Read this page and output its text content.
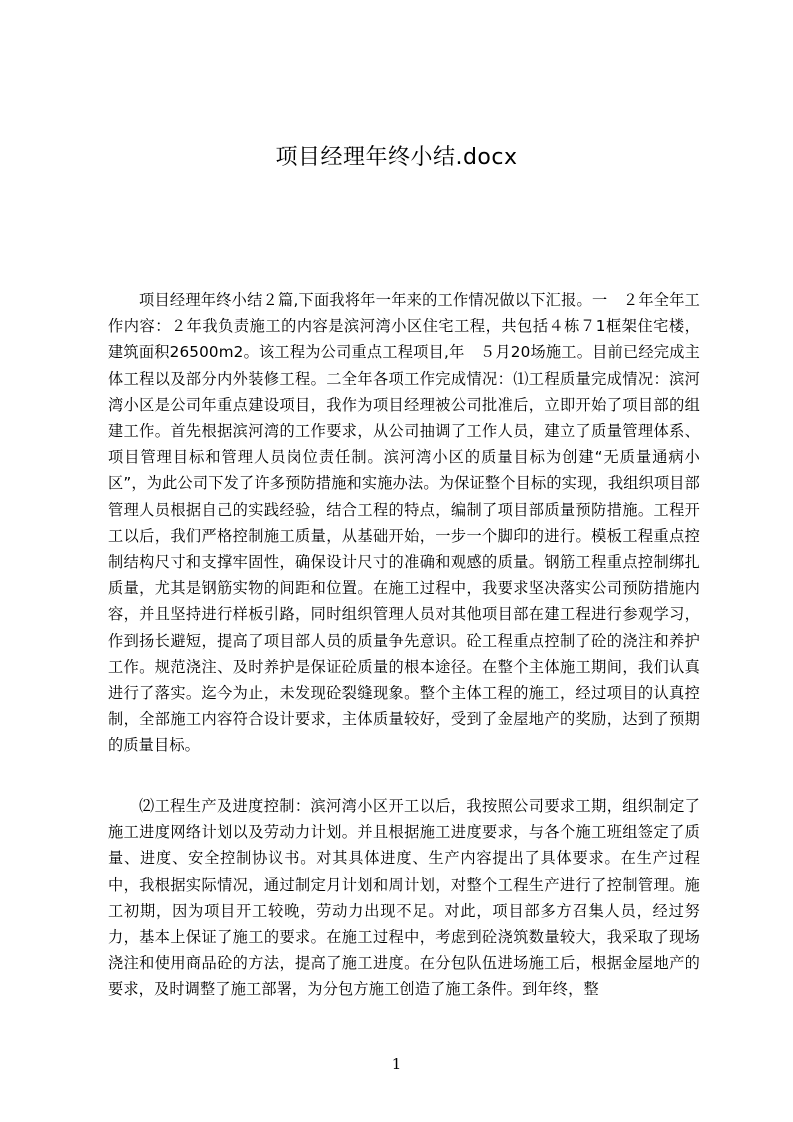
项目经理年终小结.docx

项目经理年终小结２篇,下面我将年一年来的工作情况做以下汇报。一　２年全年工作内容：２年我负责施工的内容是滨河湾小区住宅工程，共包括４栋７1框架住宅楼，建筑面积26500m2。该工程为公司重点工程项目,年　５月20场施工。目前已经完成主体工程以及部分内外装修工程。二全年各项工作完成情况：⑴工程质量完成情况：滨河湾小区是公司年重点建设项目，我作为项目经理被公司批准后，立即开始了项目部的组建工作。首先根据滨河湾的工作要求，从公司抽调了工作人员，建立了质量管理体系、项目管理目标和管理人员岗位责任制。滨河湾小区的质量目标为创建“无质量通病小区”，为此公司下发了许多预防措施和实施办法。为保证整个目标的实现，我组织项目部管理人员根据自己的实践经验，结合工程的特点，编制了项目部质量预防措施。工程开工以后，我们严格控制施工质量，从基础开始，一步一个脚印的进行。模板工程重点控制结构尺寸和支撑牢固性，确保设计尺寸的准确和观感的质量。钢筋工程重点控制绑扎质量，尤其是钢筋实物的间距和位置。在施工过程中，我要求坚决落实公司预防措施内容，并且坚持进行样板引路，同时组织管理人员对其他项目部在建工程进行参观学习，作到扬长避短，提高了项目部人员的质量争先意识。砼工程重点控制了砼的浇注和养护工作。规范浇注、及时养护是保证砼质量的根本途径。在整个主体施工期间，我们认真进行了落实。迄今为止，未发现砼裂缝现象。整个主体工程的施工，经过项目的认真控制，全部施工内容符合设计要求，主体质量较好，受到了金屋地产的奖励，达到了预期的质量目标。

⑵工程生产及进度控制：滨河湾小区开工以后，我按照公司要求工期，组织制定了施工进度网络计划以及劳动力计划。并且根据施工进度要求，与各个施工班组签定了质量、进度、安全控制协议书。对其具体进度、生产内容提出了具体要求。在生产过程中，我根据实际情况，通过制定月计划和周计划，对整个工程生产进行了控制管理。施工初期，因为项目开工较晚，劳动力出现不足。对此，项目部多方召集人员，经过努力，基本上保证了施工的要求。在施工过程中，考虑到砼浇筑数量较大，我采取了现场浇注和使用商品砼的方法，提高了施工进度。在分包队伍进场施工后，根据金屋地产的要求，及时调整了施工部署，为分包方施工创造了施工条件。到年终，整

1
